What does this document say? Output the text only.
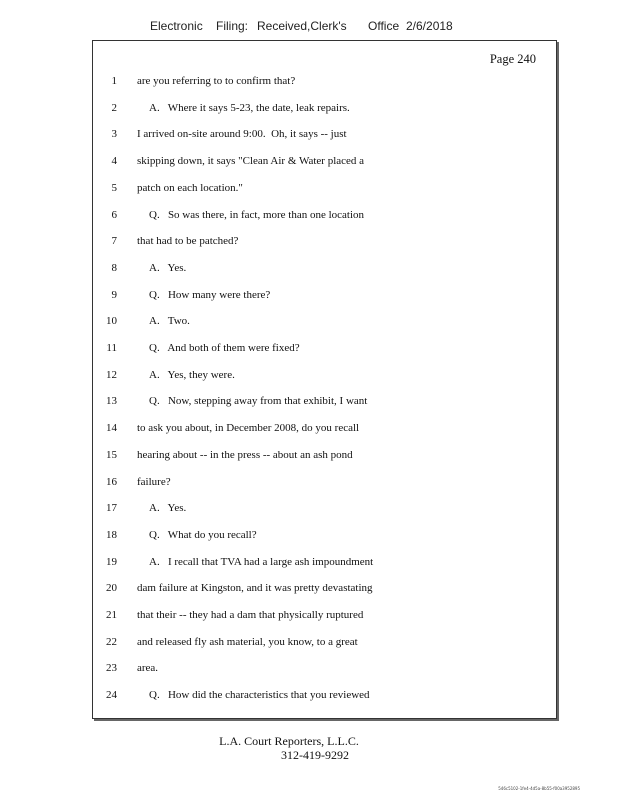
Electronic Filing: Received,Clerk's Office 2/6/2018
Page 240
1 are you referring to to confirm that?
2	A.   Where it says 5-23, the date, leak repairs.
3 I arrived on-site around 9:00.  Oh, it says -- just
4 skipping down, it says "Clean Air & Water placed a
5 patch on each location."
6	Q.   So was there, in fact, more than one location
7 that had to be patched?
8	A.   Yes.
9	Q.   How many were there?
10	A.   Two.
11	Q.   And both of them were fixed?
12	A.   Yes, they were.
13	Q.   Now, stepping away from that exhibit, I want
14 to ask you about, in December 2008, do you recall
15 hearing about -- in the press -- about an ash pond
16 failure?
17	A.   Yes.
18	Q.   What do you recall?
19	A.   I recall that TVA had a large ash impoundment
20 dam failure at Kingston, and it was pretty devastating
21 that their -- they had a dam that physically ruptured
22 and released fly ash material, you know, to a great
23 area.
24	Q.   How did the characteristics that you reviewed
L.A. Court Reporters, L.L.C.
312-419-9292
546c5102-1fe4-4d5a-8b55-f00a3952895
